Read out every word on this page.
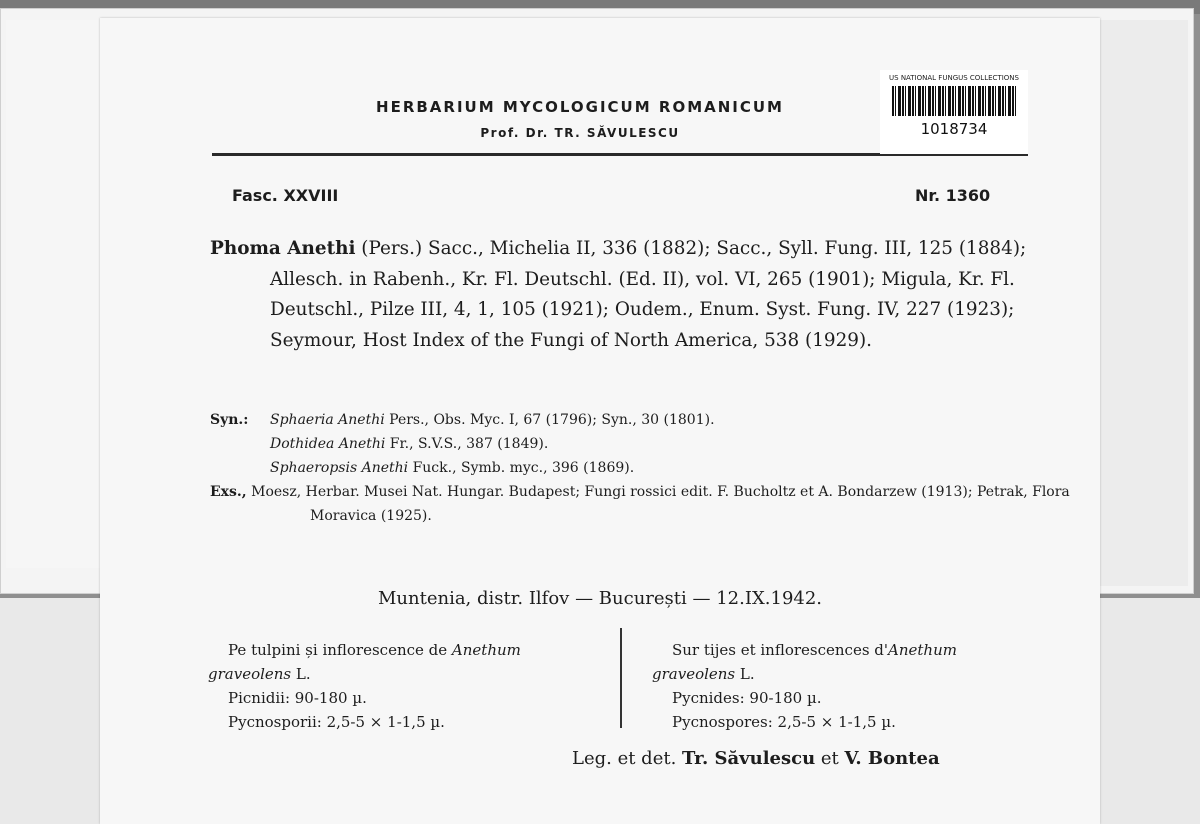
HERBARIUM MYCOLOGICUM ROMANICUM
Prof. Dr. TR. SĂVULESCU
US NATIONAL FUNGUS COLLECTIONS
1018734
Fasc. XXVIII	Nr. 1360
Phoma Anethi (Pers.) Sacc., Michelia II, 336 (1882); Sacc., Syll. Fung. III, 125 (1884); Allesch. in Rabenh., Kr. Fl. Deutschl. (Ed. II), vol. VI, 265 (1901); Migula, Kr. Fl. Deutschl., Pilze III, 4, 1, 105 (1921); Oudem., Enum. Syst. Fung. IV, 227 (1923); Seymour, Host Index of the Fungi of North America, 538 (1929).
Syn.: Sphaeria Anethi Pers., Obs. Myc. I, 67 (1796); Syn., 30 (1801).
Dothidea Anethi Fr., S.V.S., 387 (1849).
Sphaeropsis Anethi Fuck., Symb. myc., 396 (1869).
Exs., Moesz, Herbar. Musei Nat. Hungar. Budapest; Fungi rossici edit. F. Bucholtz et A. Bondarzew (1913); Petrak, Flora Moravica (1925).
Muntenia, distr. Ilfov — București — 12.IX.1942.
Pe tulpini și inflorescence de Anethum
graveolens L.
Picnidii: 90-180 µ.
Pycnosporii: 2,5-5 × 1-1,5 µ.
Sur tijes et inflorescences d'Anethum
graveolens L.
Pycnides: 90-180 µ.
Pycnospores: 2,5-5 × 1-1,5 µ.
Leg. et det. Tr. Săvulescu et V. Bontea
